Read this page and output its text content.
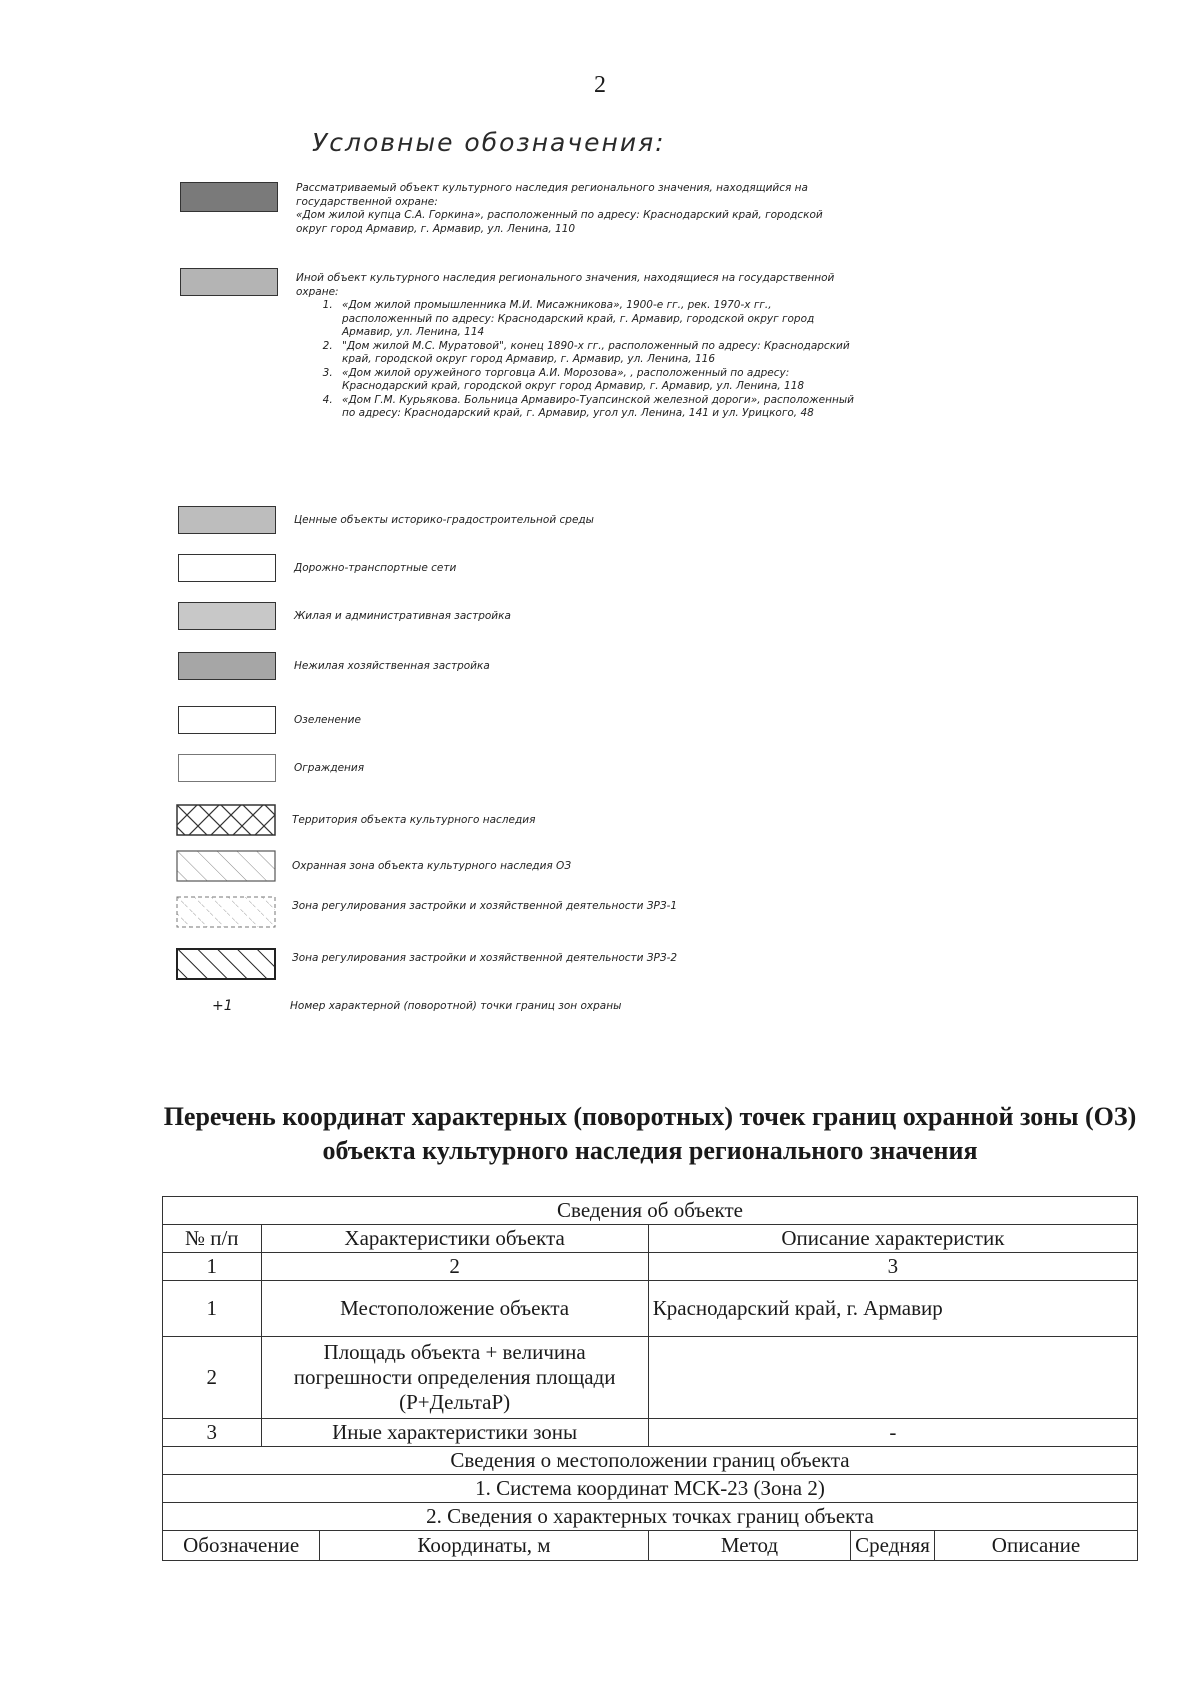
2
Условные обозначения:
Рассматриваемый объект культурного наследия регионального значения, находящийся на государственной охране:
«Дом жилой купца С.А. Горкина», расположенный по адресу: Краснодарский край, городской округ город Армавир, г. Армавир, ул. Ленина, 110
Иной объект культурного наследия регионального значения, находящиеся на государственной охране:
1. «Дом жилой промышленника М.И. Мисажникова», 1900-е гг., рек. 1970-х гг., расположенный по адресу: Краснодарский край, г. Армавир, городской округ город Армавир, ул. Ленина, 114
2. "Дом жилой М.С. Муратовой", конец 1890-х гг., расположенный по адресу: Краснодарский край, городской округ город Армавир, г. Армавир, ул. Ленина, 116
3. «Дом жилой оружейного торговца А.И. Морозова», , расположенный по адресу: Краснодарский край, городской округ город Армавир, г. Армавир, ул. Ленина, 118
4. «Дом Г.М. Курьякова. Больница Армавиро-Туапсинской железной дороги», расположенный по адресу: Краснодарский край, г. Армавир, угол ул. Ленина, 141 и ул. Урицкого, 48
Ценные объекты историко-градостроительной среды
Дорожно-транспортные сети
Жилая и административная застройка
Нежилая хозяйственная застройка
Озеленение
Ограждения
Территория объекта культурного наследия
Охранная зона объекта культурного наследия ОЗ
Зона регулирования застройки и хозяйственной деятельности ЗРЗ-1
Зона регулирования застройки и хозяйственной деятельности ЗРЗ-2
+1	Номер характерной (поворотной) точки границ зон охраны
Перечень координат характерных (поворотных) точек границ охранной зоны (ОЗ) объекта культурного наследия регионального значения
Сведения об объекте					
№ п/п	Характеристики объекта		Описание характеристик		
1	2		3		
1	Местоположение объекта		Краснодарский край, г. Армавир		
2	Площадь объекта + величина погрешности определения площади (P+ДельтаP)				
3	Иные характеристики зоны		-		
Сведения о местоположении границ объекта					
1. Система координат МСК-23 (Зона 2)					
2. Сведения о характерных точках границ объекта					
Обозначение		Координаты, м	Метод	Средняя	Описание
